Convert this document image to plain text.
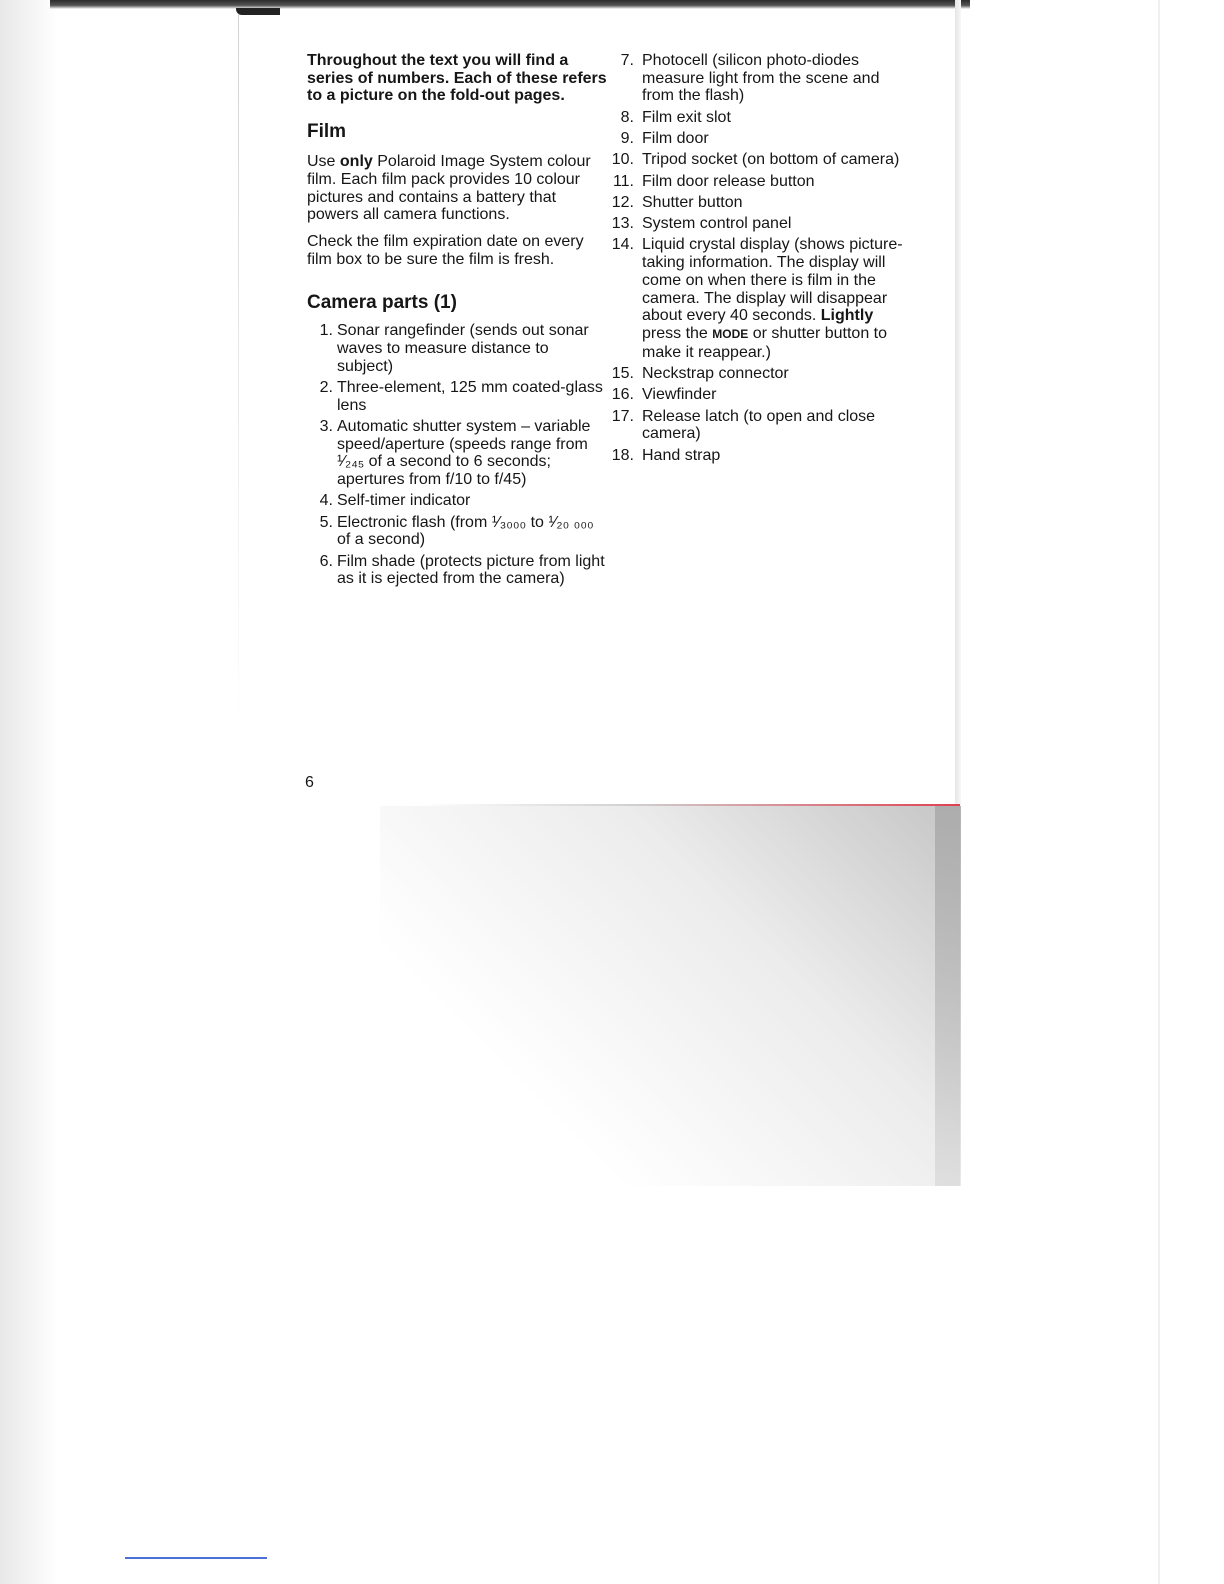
Throughout the text you will find a series of numbers. Each of these refers to a picture on the fold-out pages.

Film

Use only Polaroid Image System colour film. Each film pack provides 10 colour pictures and contains a battery that powers all camera functions.

Check the film expiration date on every film box to be sure the film is fresh.

Camera parts (1)
1. Sonar rangefinder (sends out sonar waves to measure distance to subject)
2. Three-element, 125 mm coated-glass lens
3. Automatic shutter system – variable speed/aperture (speeds range from ¹⁄₂₄₅ of a second to 6 seconds; apertures from f/10 to f/45)
4. Self-timer indicator
5. Electronic flash (from ¹⁄₃₀₀₀ to ¹⁄₂₀ ₀₀₀ of a second)
6. Film shade (protects picture from light as it is ejected from the camera)
7. Photocell (silicon photo-diodes measure light from the scene and from the flash)
8. Film exit slot
9. Film door
10. Tripod socket (on bottom of camera)
11. Film door release button
12. Shutter button
13. System control panel
14. Liquid crystal display (shows picture-taking information. The display will come on when there is film in the camera. The display will disappear about every 40 seconds. Lightly press the MODE or shutter button to make it reappear.)
15. Neckstrap connector
16. Viewfinder
17. Release latch (to open and close camera)
18. Hand strap
6
